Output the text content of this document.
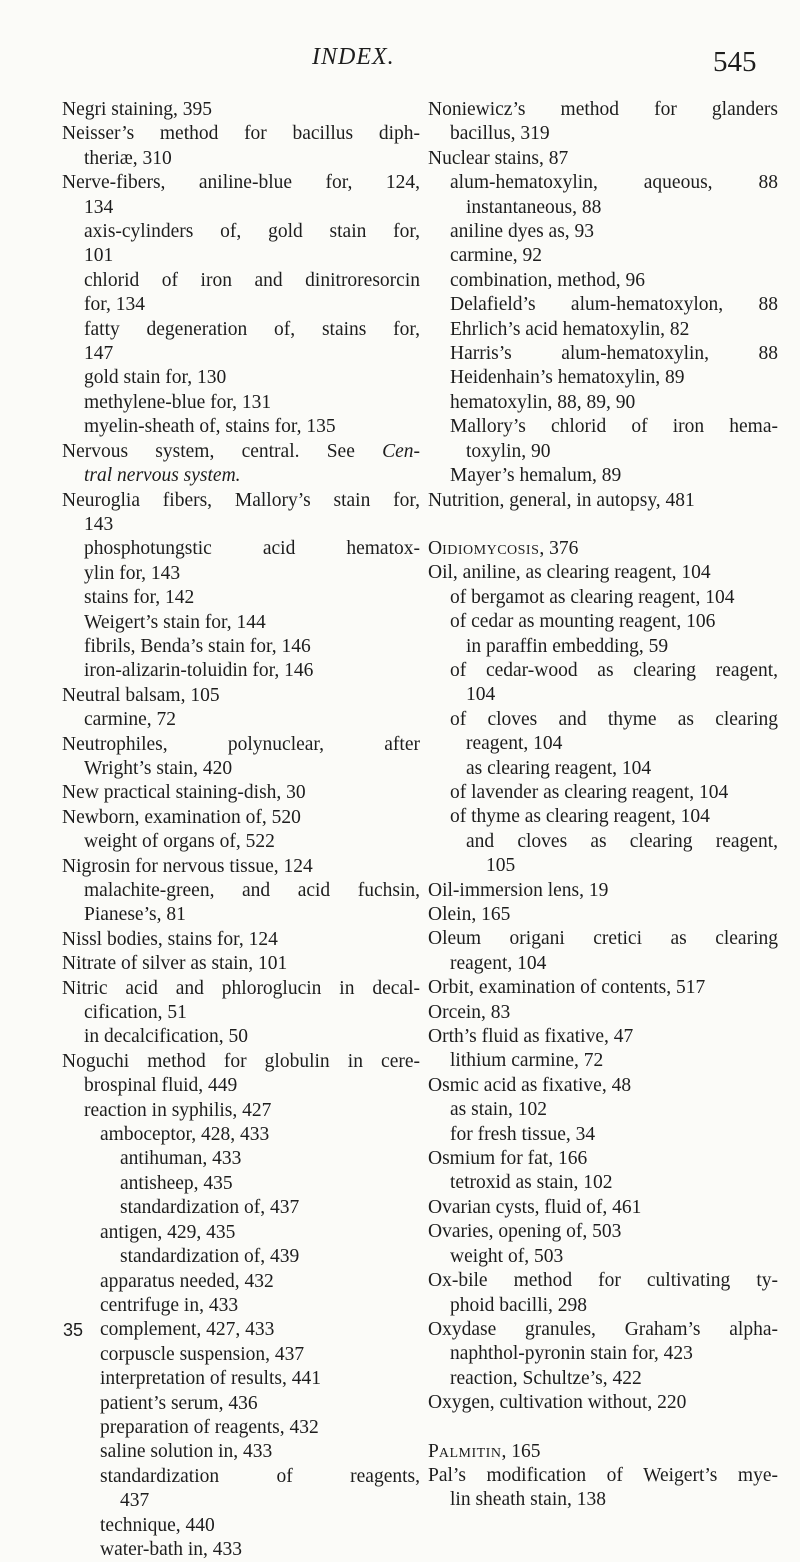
INDEX.	545
Negri staining, 395
Neisser’s method for bacillus diph-
theriæ, 310
Nerve-fibers, aniline-blue for, 124,
134
axis-cylinders of, gold stain for,
101
chlorid of iron and dinitroresorcin
for, 134
fatty degeneration of, stains for,
147
gold stain for, 130
methylene-blue for, 131
myelin-sheath of, stains for, 135
Nervous system, central. See Cen-
tral nervous system.
Neuroglia fibers, Mallory’s stain for,
143
phosphotungstic acid hematox-
ylin for, 143
stains for, 142
Weigert’s stain for, 144
fibrils, Benda’s stain for, 146
iron-alizarin-toluidin for, 146
Neutral balsam, 105
carmine, 72
Neutrophiles, polynuclear, after
Wright’s stain, 420
New practical staining-dish, 30
Newborn, examination of, 520
weight of organs of, 522
Nigrosin for nervous tissue, 124
malachite-green, and acid fuchsin,
Pianese’s, 81
Nissl bodies, stains for, 124
Nitrate of silver as stain, 101
Nitric acid and phloroglucin in decal-
cification, 51
in decalcification, 50
Noguchi method for globulin in cere-
brospinal fluid, 449
reaction in syphilis, 427
amboceptor, 428, 433
antihuman, 433
antisheep, 435
standardization of, 437
antigen, 429, 435
standardization of, 439
apparatus needed, 432
centrifuge in, 433
complement, 427, 433
corpuscle suspension, 437
interpretation of results, 441
patient’s serum, 436
preparation of reagents, 432
saline solution in, 433
standardization of reagents,
437
technique, 440
water-bath in, 433
Noniewicz’s method for glanders
bacillus, 319
Nuclear stains, 87
alum-hematoxylin, aqueous, 88
instantaneous, 88
aniline dyes as, 93
carmine, 92
combination, method, 96
Delafield’s alum-hematoxylon, 88
Ehrlich’s acid hematoxylin, 82
Harris’s alum-hematoxylin, 88
Heidenhain’s hematoxylin, 89
hematoxylin, 88, 89, 90
Mallory’s chlorid of iron hema-
toxylin, 90
Mayer’s hemalum, 89
Nutrition, general, in autopsy, 481
Oidiomycosis, 376
Oil, aniline, as clearing reagent, 104
of bergamot as clearing reagent, 104
of cedar as mounting reagent, 106
in paraffin embedding, 59
of cedar-wood as clearing reagent,
104
of cloves and thyme as clearing
reagent, 104
as clearing reagent, 104
of lavender as clearing reagent, 104
of thyme as clearing reagent, 104
and cloves as clearing reagent,
105
Oil-immersion lens, 19
Olein, 165
Oleum origani cretici as clearing
reagent, 104
Orbit, examination of contents, 517
Orcein, 83
Orth’s fluid as fixative, 47
lithium carmine, 72
Osmic acid as fixative, 48
as stain, 102
for fresh tissue, 34
Osmium for fat, 166
tetroxid as stain, 102
Ovarian cysts, fluid of, 461
Ovaries, opening of, 503
weight of, 503
Ox-bile method for cultivating ty-
phoid bacilli, 298
Oxydase granules, Graham’s alpha-
naphthol-pyronin stain for, 423
reaction, Schultze’s, 422
Oxygen, cultivation without, 220
Palmitin, 165
Pal’s modification of Weigert’s mye-
lin sheath stain, 138
35
